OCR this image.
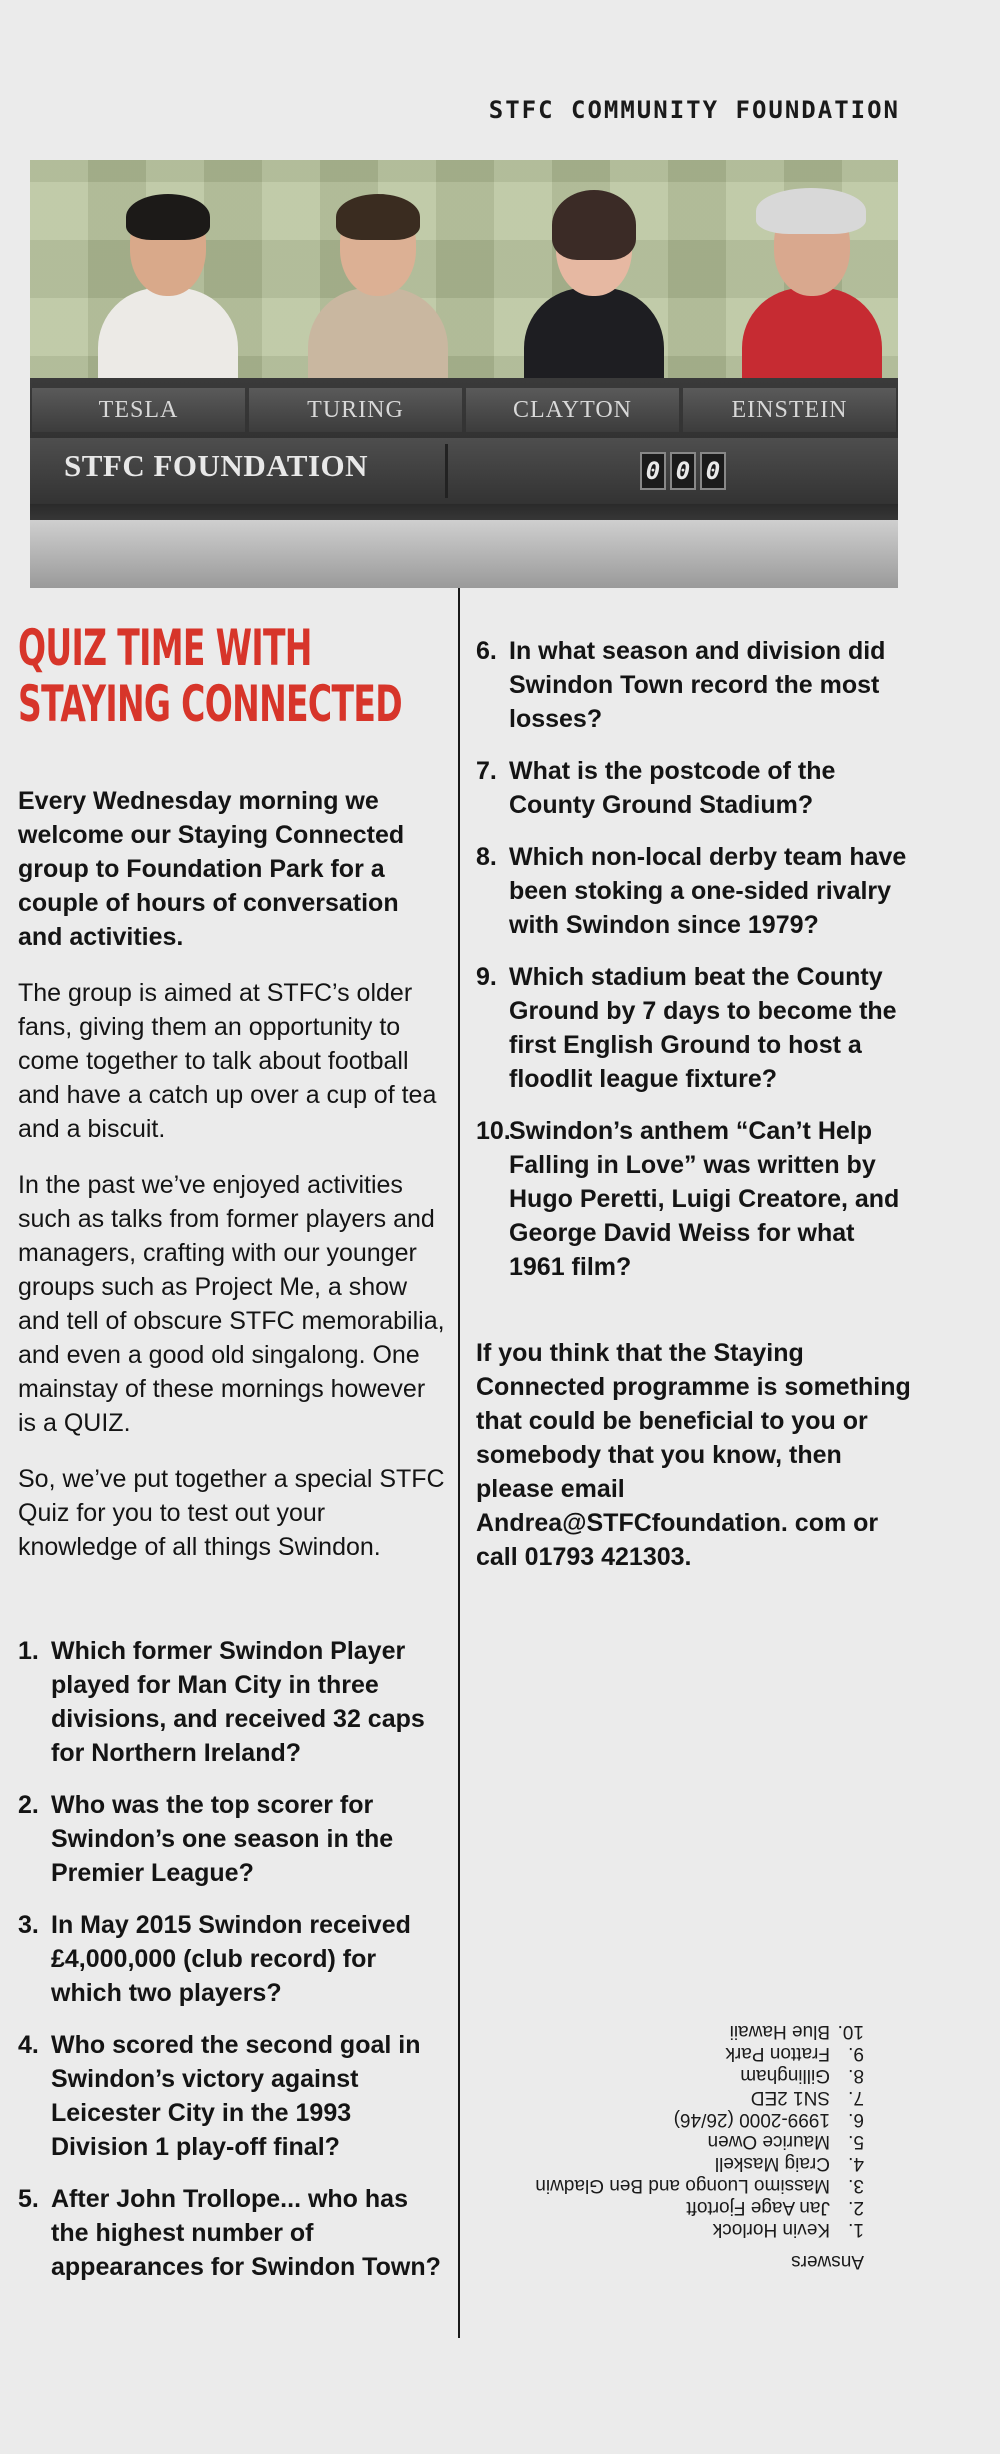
STFC COMMUNITY FOUNDATION
TESLA	TURING	CLAYTON	EINSTEIN
STFC FOUNDATION	0 0 0
QUIZ TIME WITH
STAYING CONNECTED

Every Wednesday morning we welcome our Staying Connected group to Foundation Park for a couple of hours of conversation and activities.

The group is aimed at STFC’s older fans, giving them an opportunity to come together to talk about football and have a catch up over a cup of tea and a biscuit.

In the past we’ve enjoyed activities such as talks from former players and managers, crafting with our younger groups such as Project Me, a show and tell of obscure STFC memorabilia, and even a good old singalong. One mainstay of these mornings however is a QUIZ.

So, we’ve put together a special STFC Quiz for you to test out your knowledge of all things Swindon.

1. Which former Swindon Player played for Man City in three divisions, and received 32 caps for Northern Ireland?
2. Who was the top scorer for Swindon’s one season in the Premier League?
3. In May 2015 Swindon received £4,000,000 (club record) for which two players?
4. Who scored the second goal in Swindon’s victory against Leicester City in the 1993 Division 1 play-off final?
5. After John Trollope... who has the highest number of appearances for Swindon Town?
6. In what season and division did Swindon Town record the most losses?
7. What is the postcode of the County Ground Stadium?
8. Which non-local derby team have been stoking a one-sided rivalry with Swindon since 1979?
9. Which stadium beat the County Ground by 7 days to become the first English Ground to host a floodlit league fixture?
10.
Swindon’s anthem “Can’t Help Falling in Love” was written by Hugo Peretti, Luigi Creatore, and George David Weiss for what 1961 film?

If you think that the Staying Connected programme is something that could be beneficial to you or somebody that you know, then please email Andrea@STFCfoundation. com or call 01793 421303.

Answers
1.
Kevin Horlock
2.
Jan Aage Fjortoft
3.
Massimo Luongo and Ben Gladwin
4.
Craig Maskell
5.
Maurice Owen
6.
1999-2000 (26/46)
7.
SN1 2ED
8.
Gillingham
9.
Fratton Park
10.
Blue Hawaii
